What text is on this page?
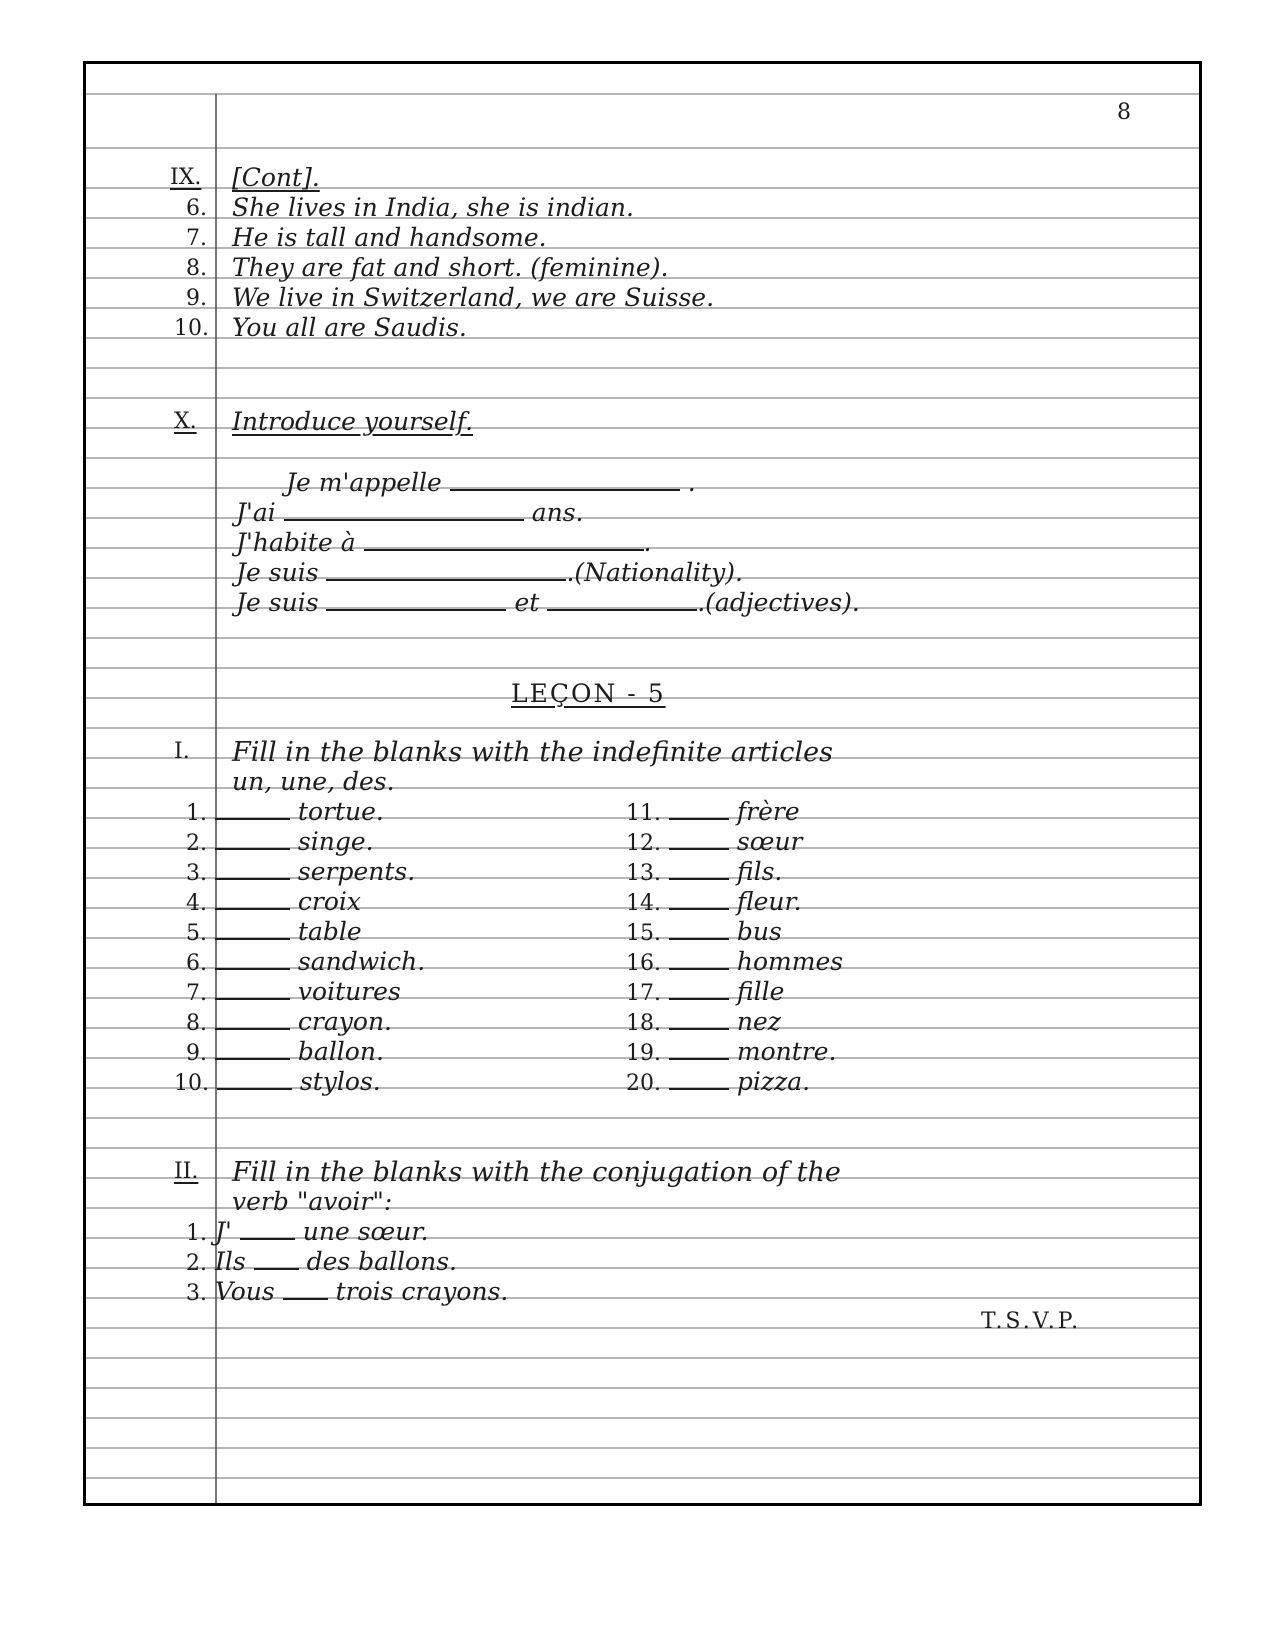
8
IX. [Cont].
6. She lives in India, she is indian.
7. He is tall and handsome.
8. They are fat and short. (feminine).
9. We live in Switzerland, we are Suisse.
10. You all are Saudis.
X. Introduce yourself.
Je m'appelle	.
J'ai	ans.
J'habite à	.
Je suis	.(Nationality).
Je suis	et	.(adjectives).
LEÇON - 5
I. Fill in the blanks with the indefinite articles
un, une, des.
1.	tortue.
2.	singe.
3.	serpents.
4.	croix
5.	table
6.	sandwich.
7.	voitures
8.	crayon.
9.	ballon.
10.	stylos.
11.	frère
12.	sœur
13.	fils.
14.	fleur.
15.	bus
16.	hommes
17.	fille
18.	nez
19.	montre.
20.	pizza.
II. Fill in the blanks with the conjugation of the
verb "avoir":
1. J'	une sœur.
2. Ils des ballons.
3. Vous trois crayons.
T.S.V.P.
